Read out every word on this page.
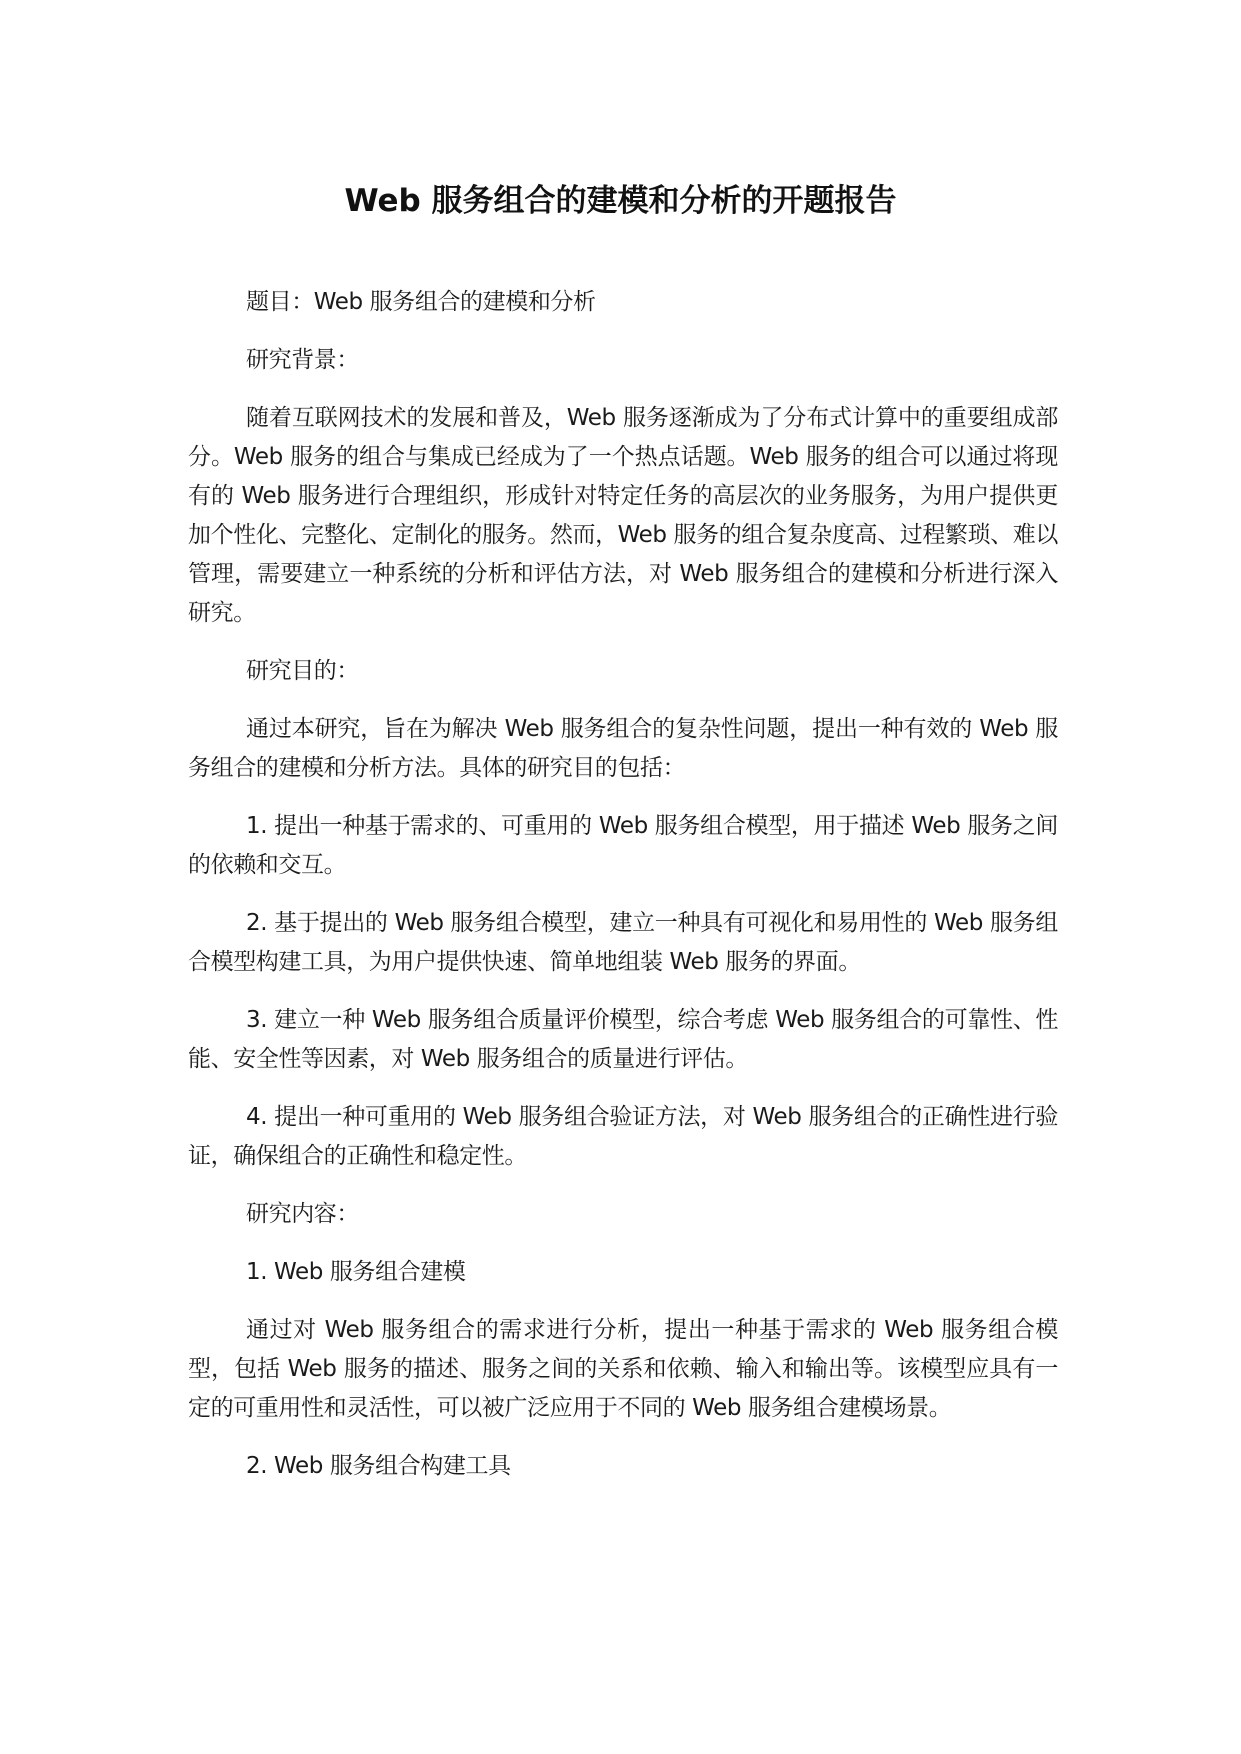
Web 服务组合的建模和分析的开题报告

题目：Web 服务组合的建模和分析

研究背景：

随着互联网技术的发展和普及，Web 服务逐渐成为了分布式计算中的重要组成部分。Web 服务的组合与集成已经成为了一个热点话题。Web 服务的组合可以通过将现有的 Web 服务进行合理组织，形成针对特定任务的高层次的业务服务，为用户提供更加个性化、完整化、定制化的服务。然而，Web 服务的组合复杂度高、过程繁琐、难以管理，需要建立一种系统的分析和评估方法，对 Web 服务组合的建模和分析进行深入研究。

研究目的：

通过本研究，旨在为解决 Web 服务组合的复杂性问题，提出一种有效的 Web 服务组合的建模和分析方法。具体的研究目的包括：

1. 提出一种基于需求的、可重用的 Web 服务组合模型，用于描述 Web 服务之间的依赖和交互。

2. 基于提出的 Web 服务组合模型，建立一种具有可视化和易用性的 Web 服务组合模型构建工具，为用户提供快速、简单地组装 Web 服务的界面。

3. 建立一种 Web 服务组合质量评价模型，综合考虑 Web 服务组合的可靠性、性能、安全性等因素，对 Web 服务组合的质量进行评估。

4. 提出一种可重用的 Web 服务组合验证方法，对 Web 服务组合的正确性进行验证，确保组合的正确性和稳定性。

研究内容：

1. Web 服务组合建模

通过对 Web 服务组合的需求进行分析，提出一种基于需求的 Web 服务组合模型，包括 Web 服务的描述、服务之间的关系和依赖、输入和输出等。该模型应具有一定的可重用性和灵活性，可以被广泛应用于不同的 Web 服务组合建模场景。

2. Web 服务组合构建工具
